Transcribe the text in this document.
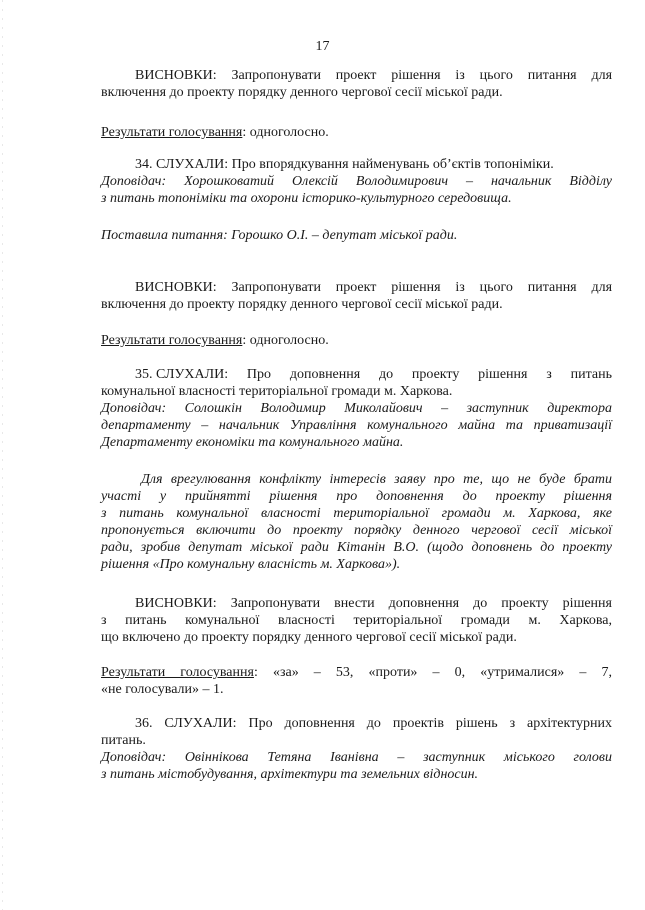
17
ВИСНОВКИ: Запропонувати проект рішення із цього питання для
включення до проекту порядку денного чергової сесії міської ради.
Результати голосування: одноголосно.
34. СЛУХАЛИ: Про впорядкування найменувань об’єктів топоніміки.
Доповідач: Хорошковатий Олексій Володимирович – начальник Відділу
з питань топоніміки та охорони історико-культурного середовища.
Поставила питання: Горошко О.І. – депутат міської ради.
ВИСНОВКИ: Запропонувати проект рішення із цього питання для
включення до проекту порядку денного чергової сесії міської ради.
Результати голосування: одноголосно.
35. СЛУХАЛИ: Про доповнення до проекту рішення з питань
комунальної власності територіальної громади м. Харкова.
Доповідач: Солошкін Володимир Миколайович – заступник директора
департаменту – начальник Управління комунального майна та приватизації
Департаменту економіки та комунального майна.
Для врегулювання конфлікту інтересів заяву про те, що не буде брати
участі у прийнятті рішення про доповнення до проекту рішення
з питань комунальної власності територіальної громади м. Харкова, яке
пропонується включити до проекту порядку денного чергової сесії міської
ради, зробив депутат міської ради Кітанін В.О. (щодо доповнень до проекту
рішення «Про комунальну власність м. Харкова»).
ВИСНОВКИ: Запропонувати внести доповнення до проекту рішення
з питань комунальної власності територіальної громади м. Харкова,
що включено до проекту порядку денного чергової сесії міської ради.
Результати голосування: «за» – 53, «проти» – 0, «утрималися» – 7,
«не голосували» – 1.
36. СЛУХАЛИ: Про доповнення до проектів рішень з архітектурних
питань.
Доповідач: Овіннікова Тетяна Іванівна – заступник міського голови
з питань містобудування, архітектури та земельних відносин.
